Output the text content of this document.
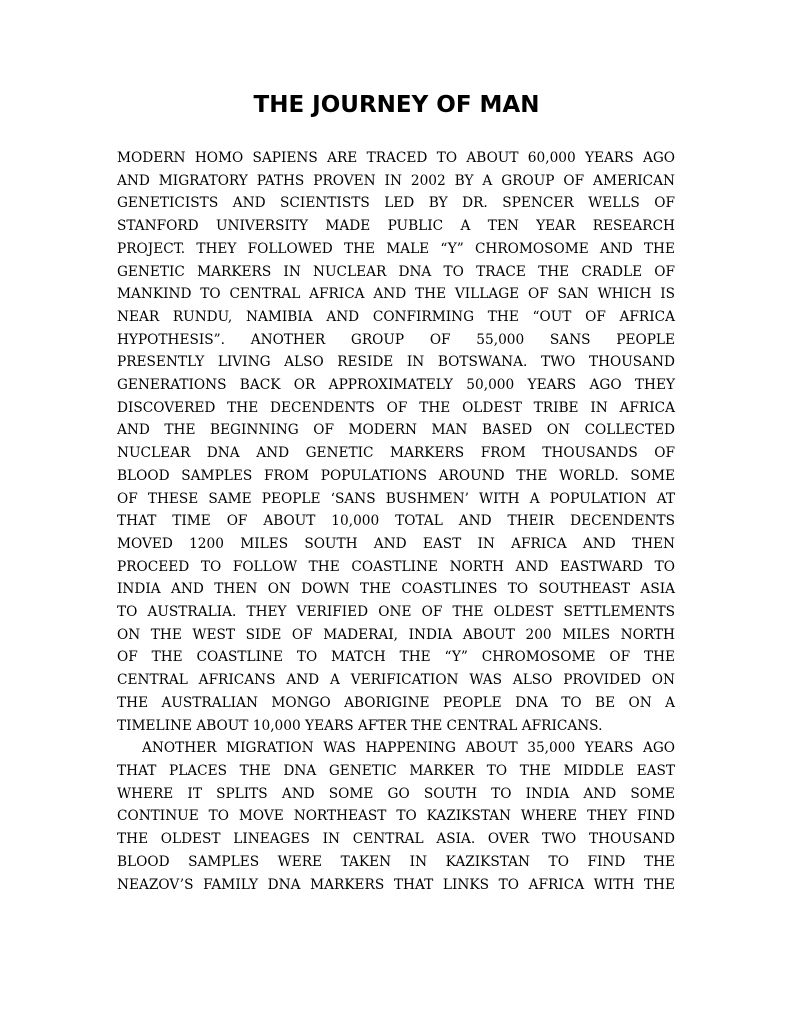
THE JOURNEY OF MAN
MODERN HOMO SAPIENS ARE TRACED TO ABOUT 60,000 YEARS AGO
AND MIGRATORY PATHS PROVEN IN 2002 BY A GROUP OF AMERICAN
GENETICISTS AND SCIENTISTS LED BY DR. SPENCER WELLS OF
STANFORD UNIVERSITY MADE PUBLIC A TEN YEAR RESEARCH
PROJECT. THEY FOLLOWED THE MALE “Y” CHROMOSOME AND THE
GENETIC MARKERS IN NUCLEAR DNA TO TRACE THE CRADLE OF
MANKIND TO CENTRAL AFRICA AND THE VILLAGE OF SAN WHICH IS
NEAR RUNDU, NAMIBIA AND CONFIRMING THE “OUT OF AFRICA
HYPOTHESIS”. ANOTHER GROUP OF 55,000 SANS PEOPLE
PRESENTLY LIVING ALSO RESIDE IN BOTSWANA. TWO THOUSAND
GENERATIONS BACK OR APPROXIMATELY 50,000 YEARS AGO THEY
DISCOVERED THE DECENDENTS OF THE OLDEST TRIBE IN AFRICA
AND THE BEGINNING OF MODERN MAN BASED ON COLLECTED
NUCLEAR DNA AND GENETIC MARKERS FROM THOUSANDS OF
BLOOD SAMPLES FROM POPULATIONS AROUND THE WORLD. SOME
OF THESE SAME PEOPLE ‘SANS BUSHMEN’ WITH A POPULATION AT
THAT TIME OF ABOUT 10,000 TOTAL AND THEIR DECENDENTS
MOVED 1200 MILES SOUTH AND EAST IN AFRICA AND THEN
PROCEED TO FOLLOW THE COASTLINE NORTH AND EASTWARD TO
INDIA AND THEN ON DOWN THE COASTLINES TO SOUTHEAST ASIA
TO AUSTRALIA. THEY VERIFIED ONE OF THE OLDEST SETTLEMENTS
ON THE WEST SIDE OF MADERAI, INDIA ABOUT 200 MILES NORTH
OF THE COASTLINE TO MATCH THE “Y” CHROMOSOME OF THE
CENTRAL AFRICANS AND A VERIFICATION WAS ALSO PROVIDED ON
THE AUSTRALIAN MONGO ABORIGINE PEOPLE DNA TO BE ON A
TIMELINE ABOUT 10,000 YEARS AFTER THE CENTRAL AFRICANS.
ANOTHER MIGRATION WAS HAPPENING ABOUT 35,000 YEARS AGO
THAT PLACES THE DNA GENETIC MARKER TO THE MIDDLE EAST
WHERE IT SPLITS AND SOME GO SOUTH TO INDIA AND SOME
CONTINUE TO MOVE NORTHEAST TO KAZIKSTAN WHERE THEY FIND
THE OLDEST LINEAGES IN CENTRAL ASIA. OVER TWO THOUSAND
BLOOD SAMPLES WERE TAKEN IN KAZIKSTAN TO FIND THE
NEAZOV’S FAMILY DNA MARKERS THAT LINKS TO AFRICA WITH THE
